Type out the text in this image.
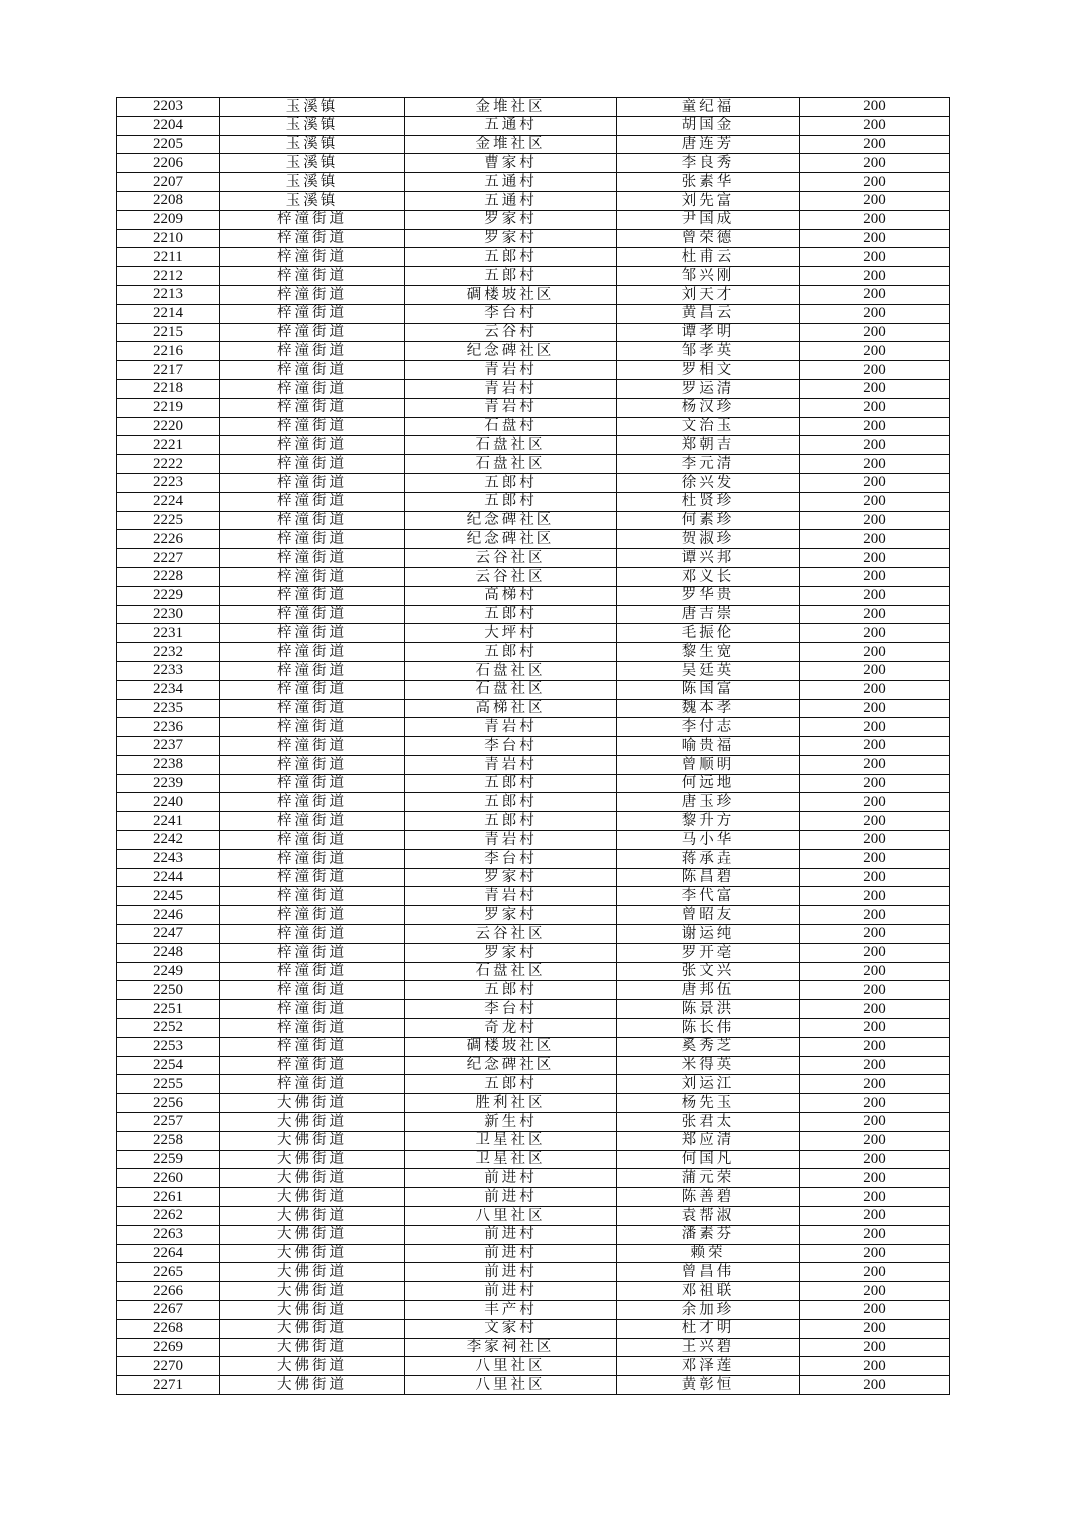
2203	玉溪镇	金堆社区	童纪福	200
2204	玉溪镇	五通村	胡国金	200
2205	玉溪镇	金堆社区	唐连芳	200
2206	玉溪镇	曹家村	李良秀	200
2207	玉溪镇	五通村	张素华	200
2208	玉溪镇	五通村	刘先富	200
2209	梓潼街道	罗家村	尹国成	200
2210	梓潼街道	罗家村	曾荣德	200
2211	梓潼街道	五郎村	杜甫云	200
2212	梓潼街道	五郎村	邹兴刚	200
2213	梓潼街道	碉楼坡社区	刘天才	200
2214	梓潼街道	李台村	黄昌云	200
2215	梓潼街道	云谷村	谭孝明	200
2216	梓潼街道	纪念碑社区	邹孝英	200
2217	梓潼街道	青岩村	罗相文	200
2218	梓潼街道	青岩村	罗运清	200
2219	梓潼街道	青岩村	杨汉珍	200
2220	梓潼街道	石盘村	文治玉	200
2221	梓潼街道	石盘社区	郑朝吉	200
2222	梓潼街道	石盘社区	李元清	200
2223	梓潼街道	五郎村	徐兴发	200
2224	梓潼街道	五郎村	杜贤珍	200
2225	梓潼街道	纪念碑社区	何素珍	200
2226	梓潼街道	纪念碑社区	贺淑珍	200
2227	梓潼街道	云谷社区	谭兴邦	200
2228	梓潼街道	云谷社区	邓义长	200
2229	梓潼街道	高梯村	罗华贵	200
2230	梓潼街道	五郎村	唐吉崇	200
2231	梓潼街道	大坪村	毛振伦	200
2232	梓潼街道	五郎村	黎生宽	200
2233	梓潼街道	石盘社区	吴廷英	200
2234	梓潼街道	石盘社区	陈国富	200
2235	梓潼街道	高梯社区	魏本孝	200
2236	梓潼街道	青岩村	李付志	200
2237	梓潼街道	李台村	喻贵福	200
2238	梓潼街道	青岩村	曾顺明	200
2239	梓潼街道	五郎村	何远地	200
2240	梓潼街道	五郎村	唐玉珍	200
2241	梓潼街道	五郎村	黎升方	200
2242	梓潼街道	青岩村	马小华	200
2243	梓潼街道	李台村	蒋承垚	200
2244	梓潼街道	罗家村	陈昌碧	200
2245	梓潼街道	青岩村	李代富	200
2246	梓潼街道	罗家村	曾昭友	200
2247	梓潼街道	云谷社区	谢运纯	200
2248	梓潼街道	罗家村	罗开亳	200
2249	梓潼街道	石盘社区	张文兴	200
2250	梓潼街道	五郎村	唐邦伍	200
2251	梓潼街道	李台村	陈景洪	200
2252	梓潼街道	奇龙村	陈长伟	200
2253	梓潼街道	碉楼坡社区	奚秀芝	200
2254	梓潼街道	纪念碑社区	米得英	200
2255	梓潼街道	五郎村	刘运江	200
2256	大佛街道	胜利社区	杨先玉	200
2257	大佛街道	新生村	张君太	200
2258	大佛街道	卫星社区	郑应清	200
2259	大佛街道	卫星社区	何国凡	200
2260	大佛街道	前进村	蒲元荣	200
2261	大佛街道	前进村	陈善碧	200
2262	大佛街道	八里社区	袁帮淑	200
2263	大佛街道	前进村	潘素芬	200
2264	大佛街道	前进村	赖荣	200
2265	大佛街道	前进村	曾昌伟	200
2266	大佛街道	前进村	邓祖联	200
2267	大佛街道	丰产村	余加珍	200
2268	大佛街道	文家村	杜才明	200
2269	大佛街道	李家祠社区	王兴碧	200
2270	大佛街道	八里社区	邓泽莲	200
2271	大佛街道	八里社区	黄彰恒	200
